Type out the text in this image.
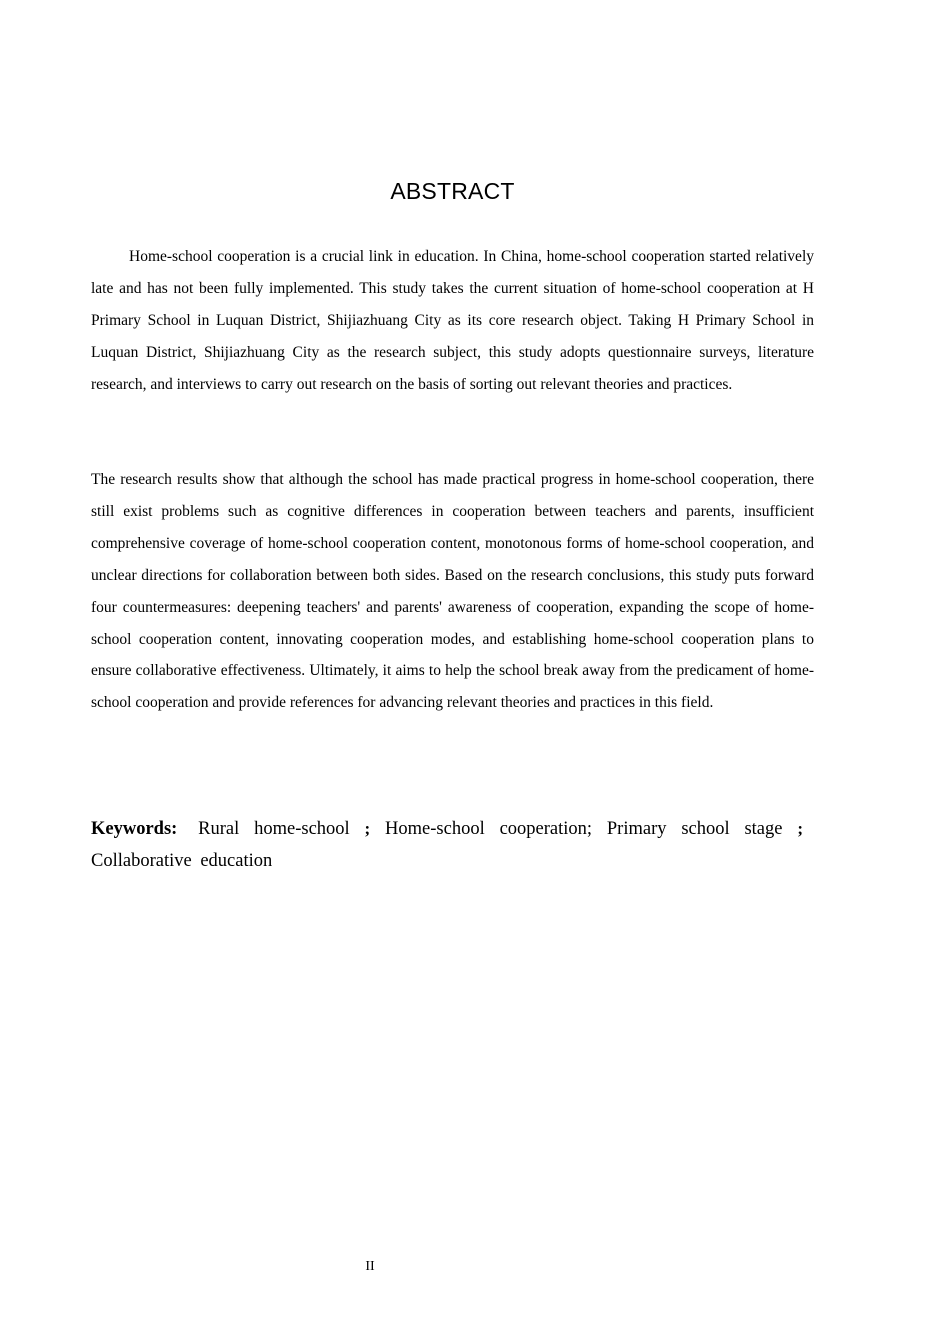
ABSTRACT

Home-school cooperation is a crucial link in education. In China, home-school cooperation started relatively late and has not been fully implemented. This study takes the current situation of home-school cooperation at H Primary School in Luquan District, Shijiazhuang City as its core research object. Taking H Primary School in Luquan District, Shijiazhuang City as the research subject, this study adopts questionnaire surveys, literature research, and interviews to carry out research on the basis of sorting out relevant theories and practices.

The research results show that although the school has made practical progress in home-school cooperation, there still exist problems such as cognitive differences in cooperation between teachers and parents, insufficient comprehensive coverage of home-school cooperation content, monotonous forms of home-school cooperation, and unclear directions for collaboration between both sides. Based on the research conclusions, this study puts forward four countermeasures: deepening teachers' and parents' awareness of cooperation, expanding the scope of home-school cooperation content, innovating cooperation modes, and establishing home-school cooperation plans to ensure collaborative effectiveness. Ultimately, it aims to help the school break away from the predicament of home-school cooperation and provide references for advancing relevant theories and practices in this field.

Keywords: Rural home-school ; Home-school cooperation; Primary school stage ; Collaborative education

II
